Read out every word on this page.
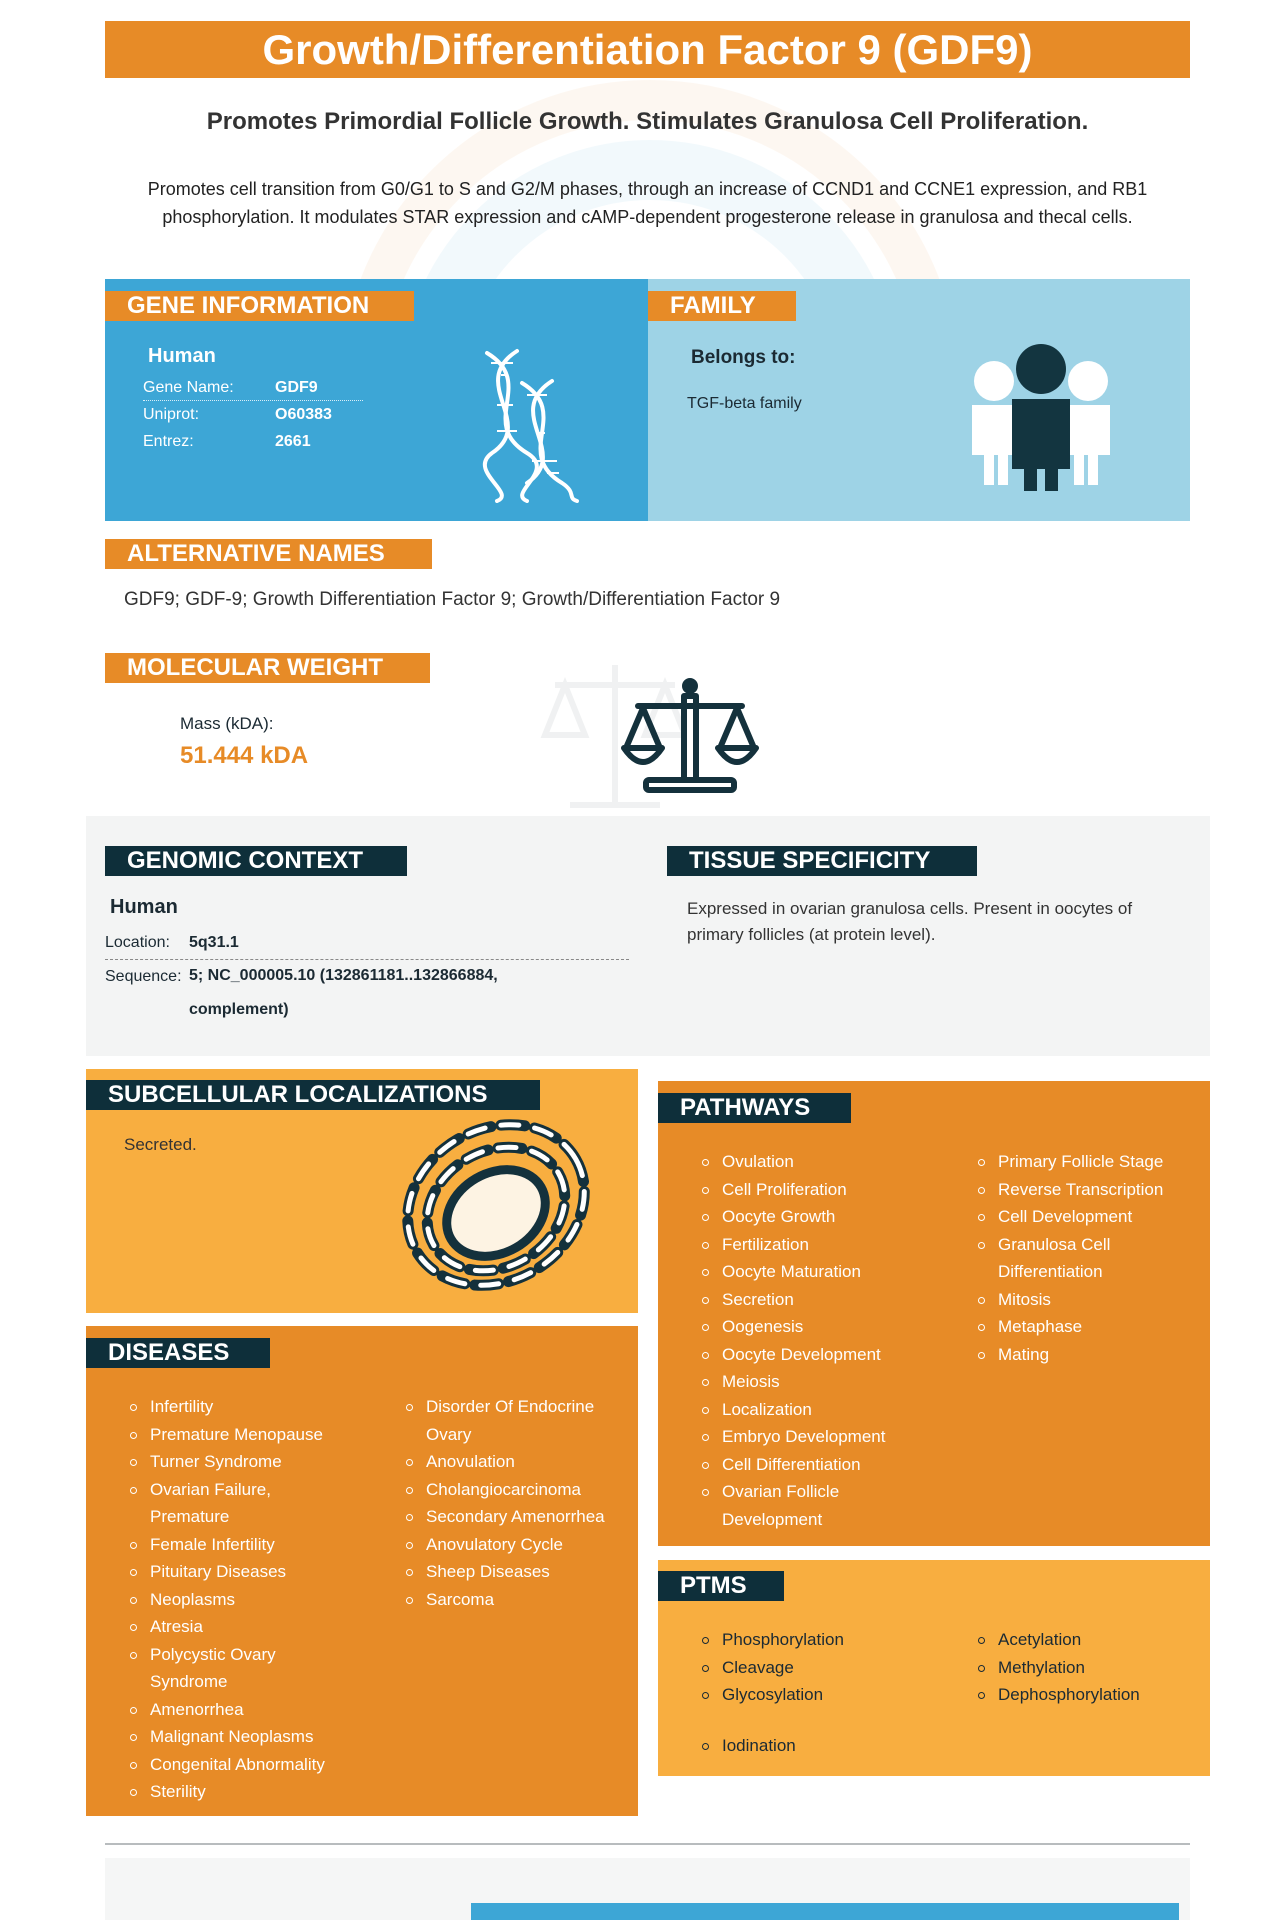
Growth/Differentiation Factor 9 (GDF9)
Promotes Primordial Follicle Growth. Stimulates Granulosa Cell Proliferation.
Promotes cell transition from G0/G1 to S and G2/M phases, through an increase of CCND1 and CCNE1 expression, and RB1 phosphorylation. It modulates STAR expression and cAMP-dependent progesterone release in granulosa and thecal cells.
GENE INFORMATION
Human
Gene Name:	GDF9
Uniprot:	O60383
Entrez:	2661
FAMILY
Belongs to:
TGF-beta family
ALTERNATIVE NAMES
GDF9; GDF-9; Growth Differentiation Factor 9; Growth/Differentiation Factor 9
MOLECULAR WEIGHT
Mass (kDA):
51.444 kDA
GENOMIC CONTEXT
Human
Location:	5q31.1
Sequence: 5; NC_000005.10 (132861181..132866884,
complement)
TISSUE SPECIFICITY
Expressed in ovarian granulosa cells. Present in oocytes of primary follicles (at protein level).
SUBCELLULAR LOCALIZATIONS
Secreted.
DISEASES
Infertility
Premature Menopause
Turner Syndrome
Ovarian Failure, Premature
Female Infertility
Pituitary Diseases
Neoplasms
Atresia
Polycystic Ovary Syndrome
Amenorrhea
Malignant Neoplasms
Congenital Abnormality
Sterility
Disorder Of Endocrine Ovary
Anovulation
Cholangiocarcinoma
Secondary Amenorrhea
Anovulatory Cycle
Sheep Diseases
Sarcoma
PATHWAYS
Ovulation
Cell Proliferation
Oocyte Growth
Fertilization
Oocyte Maturation
Secretion
Oogenesis
Oocyte Development
Meiosis
Localization
Embryo Development
Cell Differentiation
Ovarian Follicle Development
Primary Follicle Stage
Reverse Transcription
Cell Development
Granulosa Cell Differentiation
Mitosis
Metaphase
Mating
PTMS
Phosphorylation
Cleavage
Glycosylation
Acetylation
Methylation
Dephosphorylation
Iodination
